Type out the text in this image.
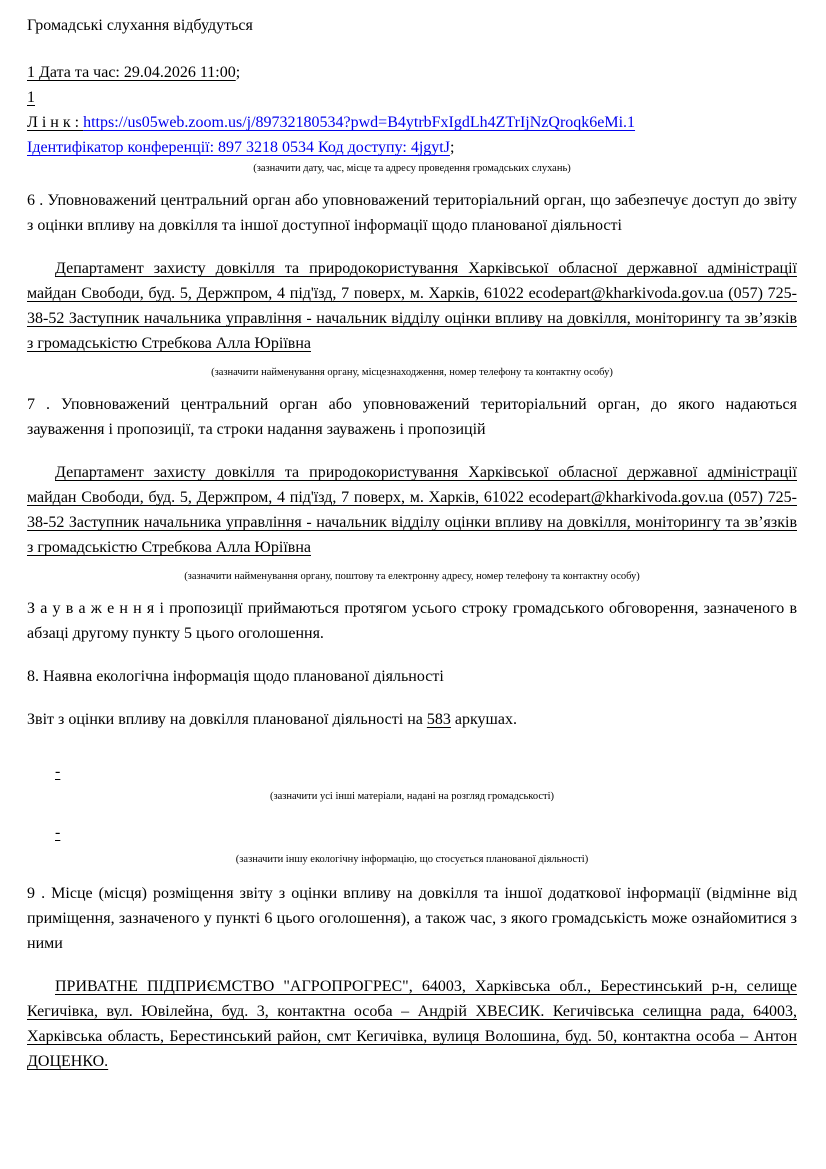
Громадські слухання відбудуться

1 Дата та час: 29.04.2026 11:00;

1

Л і н к : https://us05web.zoom.us/j/89732180534?pwd=B4ytrbFxIgdLh4ZTrIjNzQroqk6eMi.1

Ідентифікатор конференції: 897 3218 0534 Код доступу: 4jgytJ;

(зазначити дату, час, місце та адресу проведення громадських слухань)

6 . Уповноважений центральний орган або уповноважений територіальний орган, що забезпечує доступ до звіту з оцінки впливу на довкілля та іншої доступної інформації щодо планованої діяльності

Департамент захисту довкілля та природокористування Харківської обласної державної адміністрації майдан Свободи, буд. 5, Держпром, 4 під'їзд, 7 поверх, м. Харків, 61022 ecodepart@kharkivoda.gov.ua (057) 725-38-52 Заступник начальника управління - начальник відділу оцінки впливу на довкілля, моніторингу та зв’язків з громадськістю Стребкова Алла Юріївна

(зазначити найменування органу, місцезнаходження, номер телефону та контактну особу)

7 . Уповноважений центральний орган або уповноважений територіальний орган, до якого надаються зауваження і пропозиції, та строки надання зауважень і пропозицій

Департамент захисту довкілля та природокористування Харківської обласної державної адміністрації майдан Свободи, буд. 5, Держпром, 4 під'їзд, 7 поверх, м. Харків, 61022 ecodepart@kharkivoda.gov.ua (057) 725-38-52 Заступник начальника управління - начальник відділу оцінки впливу на довкілля, моніторингу та зв’язків з громадськістю Стребкова Алла Юріївна

(зазначити найменування органу, поштову та електронну адресу, номер телефону та контактну особу)

З а у в а ж е н н я і пропозиції приймаються протягом усього строку громадського обговорення, зазначеного в абзаці другому пункту 5 цього оголошення.

8. Наявна екологічна інформація щодо планованої діяльності

Звіт з оцінки впливу на довкілля планованої діяльності на 583 аркушах.

-

(зазначити усі інші матеріали, надані на розгляд громадськості)

-

(зазначити іншу екологічну інформацію, що стосується планованої діяльності)

9 . Місце (місця) розміщення звіту з оцінки впливу на довкілля та іншої додаткової інформації (відмінне від приміщення, зазначеного у пункті 6 цього оголошення), а також час, з якого громадськість може ознайомитися з ними

ПРИВАТНЕ ПІДПРИЄМСТВО "АГРОПРОГРЕС", 64003, Харківська обл., Берестинський р-н, селище Кегичівка, вул. Ювілейна, буд. 3, контактна особа – Андрій ХВЕСИК. Кегичівська селищна рада, 64003, Харківська область, Берестинський район, смт Кегичівка, вулиця Волошина, буд. 50, контактна особа – Антон ДОЦЕНКО.
